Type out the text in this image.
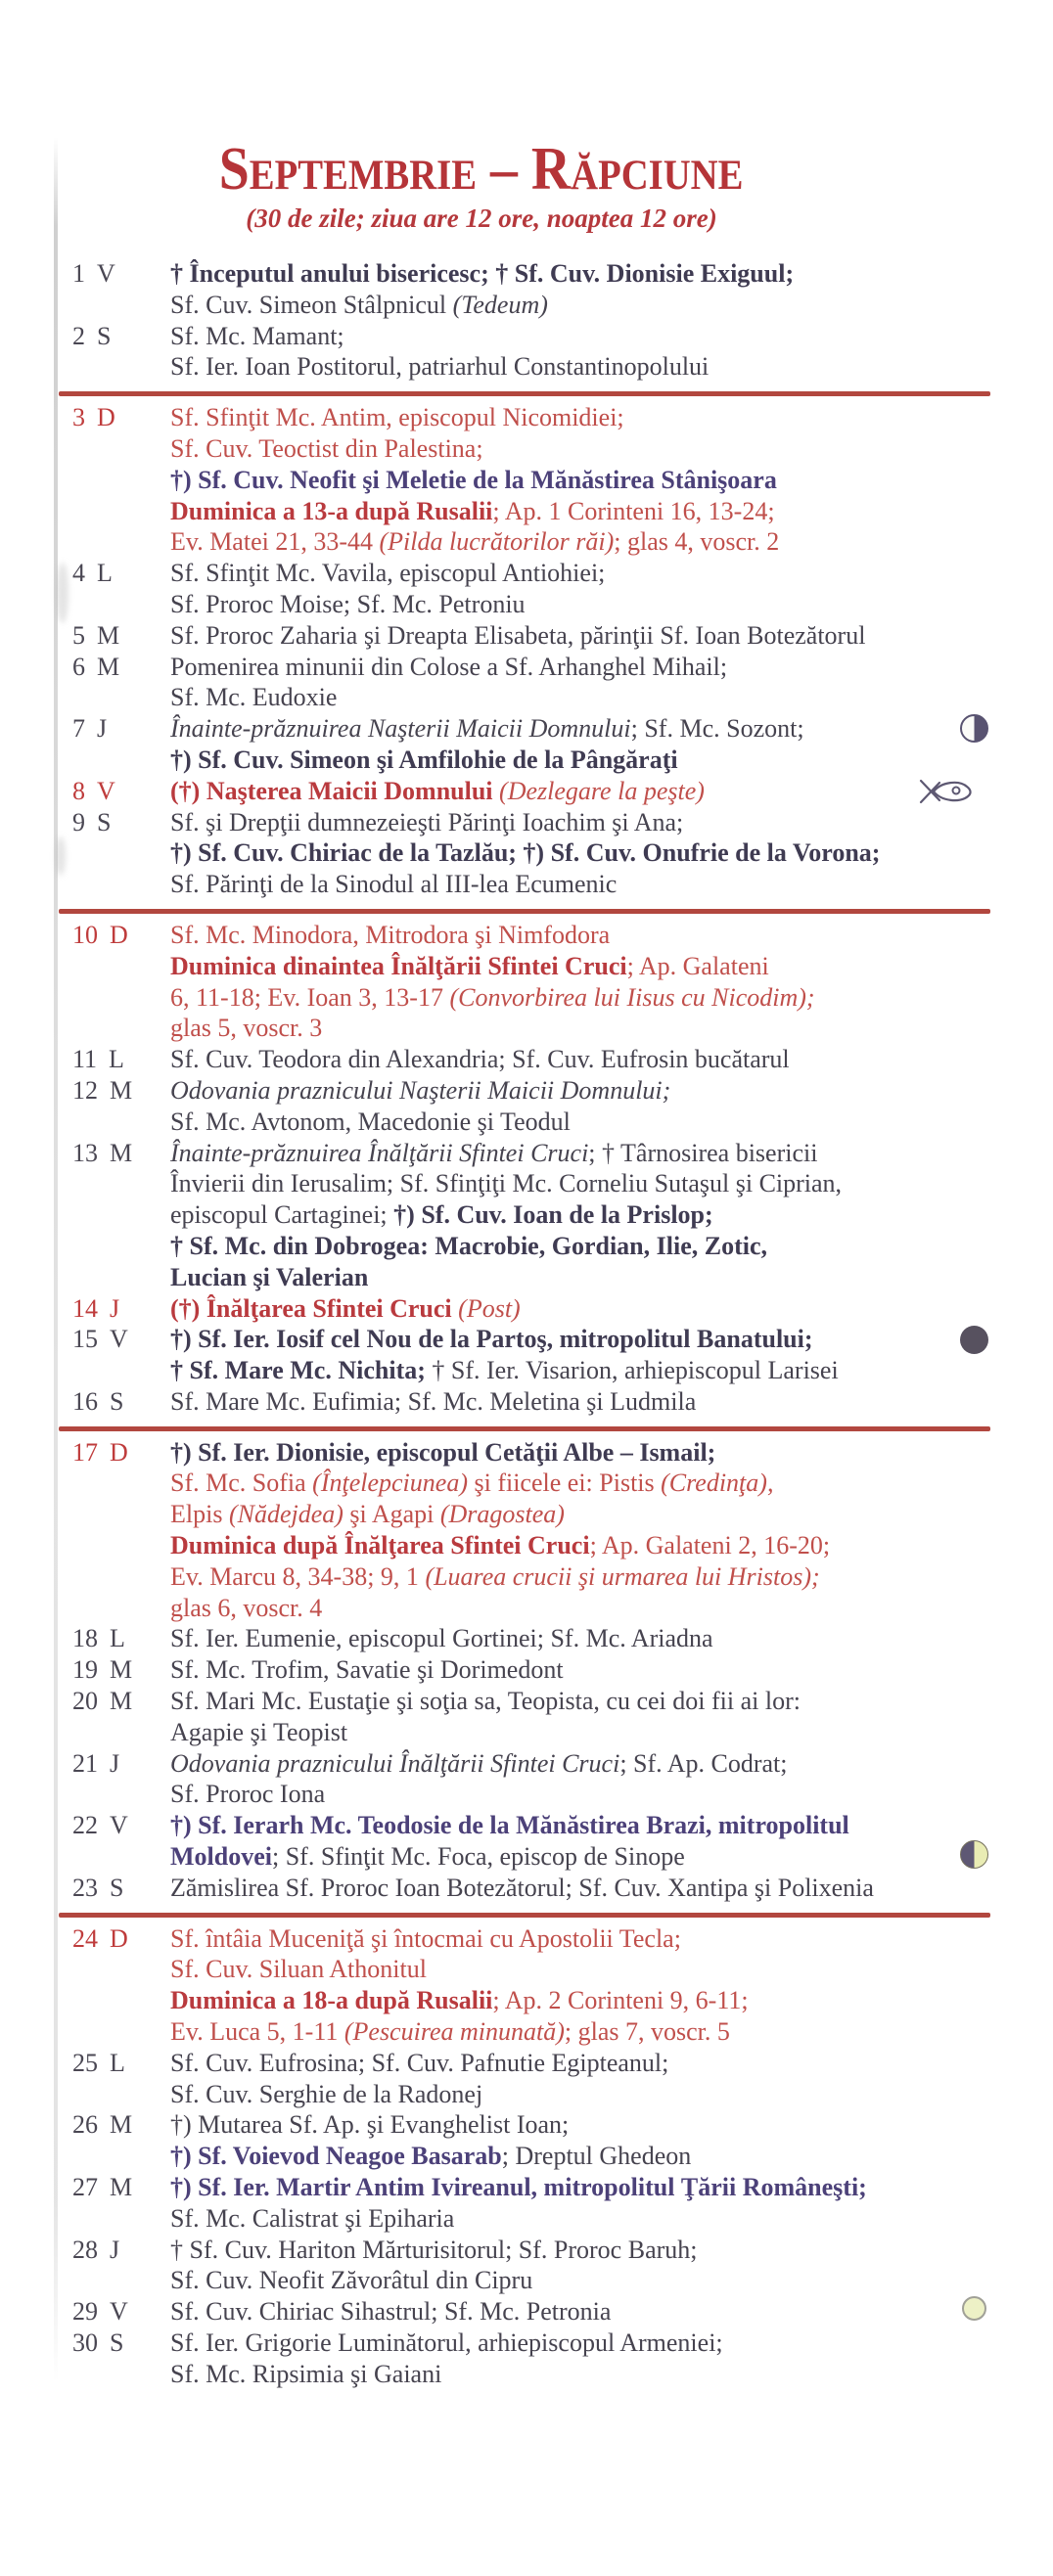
Septembrie – Răpciune
(30 de zile; ziua are 12 ore, noaptea 12 ore)
1 V	† Începutul anului bisericesc; † Sf. Cuv. Dionisie Exiguul;
Sf. Cuv. Simeon Stâlpnicul (Tedeum)
2 S	Sf. Mc. Mamant;
Sf. Ier. Ioan Postitorul, patriarhul Constantinopolului
3 D	Sf. Sfinţit Mc. Antim, episcopul Nicomidiei;
Sf. Cuv. Teoctist din Palestina;
†) Sf. Cuv. Neofit şi Meletie de la Mănăstirea Stânişoara
Duminica a 13-a după Rusalii; Ap. 1 Corinteni 16, 13-24;
Ev. Matei 21, 33-44 (Pilda lucrătorilor răi); glas 4, voscr. 2
4 L	Sf. Sfinţit Mc. Vavila, episcopul Antiohiei;
Sf. Proroc Moise; Sf. Mc. Petroniu
5 M	Sf. Proroc Zaharia şi Dreapta Elisabeta, părinţii Sf. Ioan Botezătorul
6 M	Pomenirea minunii din Colose a Sf. Arhanghel Mihail;
Sf. Mc. Eudoxie
7 J	Înainte-prăznuirea Naşterii Maicii Domnului; Sf. Mc. Sozont;
†) Sf. Cuv. Simeon şi Amfilohie de la Pângăraţi
8 V	(†) Naşterea Maicii Domnului (Dezlegare la peşte)
9 S	Sf. şi Drepţii dumnezeieşti Părinţi Ioachim şi Ana;
†) Sf. Cuv. Chiriac de la Tazlău; †) Sf. Cuv. Onufrie de la Vorona;
Sf. Părinţi de la Sinodul al III-lea Ecumenic
10 D	Sf. Mc. Minodora, Mitrodora şi Nimfodora
Duminica dinaintea Înălţării Sfintei Cruci; Ap. Galateni
6, 11-18; Ev. Ioan 3, 13-17 (Convorbirea lui Iisus cu Nicodim);
glas 5, voscr. 3
11 L	Sf. Cuv. Teodora din Alexandria; Sf. Cuv. Eufrosin bucătarul
12 M	Odovania praznicului Naşterii Maicii Domnului;
Sf. Mc. Avtonom, Macedonie şi Teodul
13 M	Înainte-prăznuirea Înălţării Sfintei Cruci; † Târnosirea bisericii
Învierii din Ierusalim; Sf. Sfinţiţi Mc. Corneliu Sutaşul şi Ciprian,
episcopul Cartaginei; †) Sf. Cuv. Ioan de la Prislop;
† Sf. Mc. din Dobrogea: Macrobie, Gordian, Ilie, Zotic,
Lucian şi Valerian
14 J	(†) Înălţarea Sfintei Cruci (Post)
15 V	†) Sf. Ier. Iosif cel Nou de la Partoş, mitropolitul Banatului;
† Sf. Mare Mc. Nichita; † Sf. Ier. Visarion, arhiepiscopul Larisei
16 S	Sf. Mare Mc. Eufimia; Sf. Mc. Meletina şi Ludmila
17 D	†) Sf. Ier. Dionisie, episcopul Cetăţii Albe – Ismail;
Sf. Mc. Sofia (Înţelepciunea) şi fiicele ei: Pistis (Credinţa),
Elpis (Nădejdea) şi Agapi (Dragostea)
Duminica după Înălţarea Sfintei Cruci; Ap. Galateni 2, 16-20;
Ev. Marcu 8, 34-38; 9, 1 (Luarea crucii şi urmarea lui Hristos);
glas 6, voscr. 4
18 L	Sf. Ier. Eumenie, episcopul Gortinei; Sf. Mc. Ariadna
19 M	Sf. Mc. Trofim, Savatie şi Dorimedont
20 M	Sf. Mari Mc. Eustaţie şi soţia sa, Teopista, cu cei doi fii ai lor:
Agapie şi Teopist
21 J	Odovania praznicului Înălţării Sfintei Cruci; Sf. Ap. Codrat;
Sf. Proroc Iona
22 V	†) Sf. Ierarh Mc. Teodosie de la Mănăstirea Brazi, mitropolitul
Moldovei; Sf. Sfinţit Mc. Foca, episcop de Sinope
23 S	Zămislirea Sf. Proroc Ioan Botezătorul; Sf. Cuv. Xantipa şi Polixenia
24 D	Sf. întâia Muceniţă şi întocmai cu Apostolii Tecla;
Sf. Cuv. Siluan Athonitul
Duminica a 18-a după Rusalii; Ap. 2 Corinteni 9, 6-11;
Ev. Luca 5, 1-11 (Pescuirea minunată); glas 7, voscr. 5
25 L	Sf. Cuv. Eufrosina; Sf. Cuv. Pafnutie Egipteanul;
Sf. Cuv. Serghie de la Radonej
26 M	†) Mutarea Sf. Ap. şi Evanghelist Ioan;
†) Sf. Voievod Neagoe Basarab; Dreptul Ghedeon
27 M	†) Sf. Ier. Martir Antim Ivireanul, mitropolitul Ţării Româneşti;
Sf. Mc. Calistrat şi Epiharia
28 J	† Sf. Cuv. Hariton Mărturisitorul; Sf. Proroc Baruh;
Sf. Cuv. Neofit Zăvorâtul din Cipru
29 V	Sf. Cuv. Chiriac Sihastrul; Sf. Mc. Petronia
30 S	Sf. Ier. Grigorie Luminătorul, arhiepiscopul Armeniei;
Sf. Mc. Ripsimia şi Gaiani
